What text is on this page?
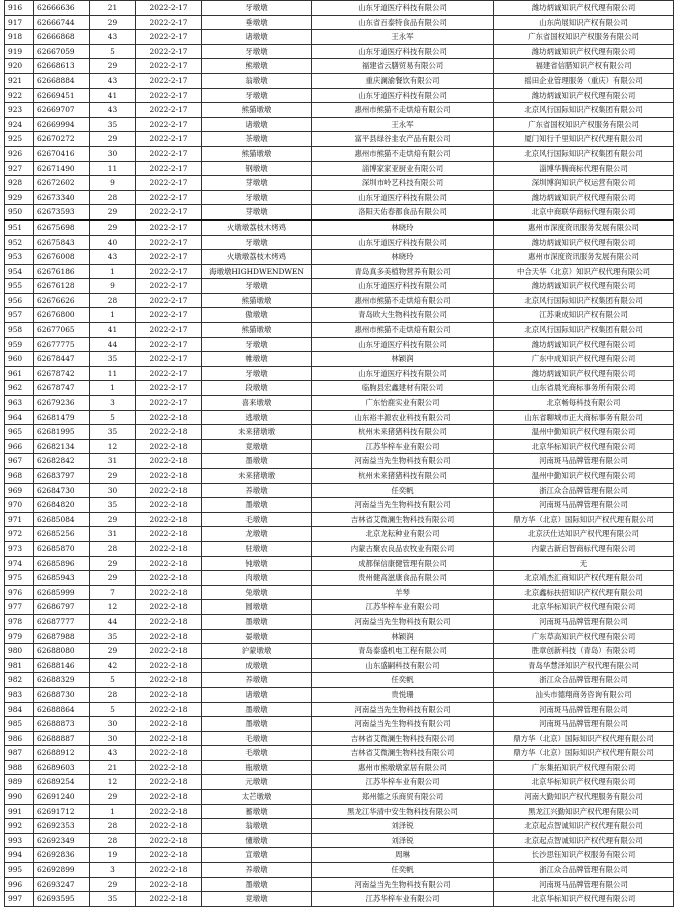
916	62666636	21	2022-2-17	牙墩墩	山东牙道医疗科技有限公司	潍坊炳诚知识产权代理有限公司
917	62666744	29	2022-2-17	垂墩墩	山东省百泰特食品有限公司	山东尚展知识产权有限公司
918	62666868	43	2022-2-17	诸墩墩	王永军	广东省国权知识产权服务有限公司
919	62667059	5	2022-2-17	牙墩墩	山东牙道医疗科技有限公司	潍坊炳诚知识产权代理有限公司
920	62668613	29	2022-2-17	熊墩墩	福建省云膳贸易有限公司	福建省信腊知识产权有限公司
921	62668884	43	2022-2-17	翁墩墩	重庆澜渝餐饮有限公司	摇田企业管理服务（重庆）有限公司
922	62669451	41	2022-2-17	牙墩墩	山东牙道医疗科技有限公司	潍坊炳诚知识产权代理有限公司
923	62669707	43	2022-2-17	熊猫墩墩	惠州市熊猫不走烘焙有限公司	北京风行国际知识产权集团有限公司
924	62669994	35	2022-2-17	诸墩墩	王永军	广东省国权知识产权服务有限公司
925	62670272	29	2022-2-17	茶墩墩	富平县绿谷韭农产品有限公司	厦门知行千里知识产权代理有限公司
926	62670416	30	2022-2-17	熊猫墩墩	惠州市熊猫不走烘焙有限公司	北京风行国际知识产权集团有限公司
927	62671490	11	2022-2-17	钢墩墩	淄博家家亚厨业有限公司	淄博华腾商标代理有限公司
928	62672602	9	2022-2-17	芽墩墩	深圳市岭艺科技有限公司	深圳博润知识产权运营有限公司
929	62673340	28	2022-2-17	牙墩墩	山东牙道医疗科技有限公司	潍坊炳诚知识产权代理有限公司
950	62673593	29	2022-2-17	芽墩墩	洛阳天佑春都食品有限公司	北京中商联华商标代理有限公司
951	62675698	29	2022-2-17	火墩墩荔枝木烤鸡	林晓玲	惠州市深度资讯服务发展有限公司
952	62675843	40	2022-2-17	牙墩墩	山东牙道医疗科技有限公司	潍坊炳诚知识产权代理有限公司
953	62676008	43	2022-2-17	火墩墩荔枝木烤鸡	林晓玲	惠州市深度资讯服务发展有限公司
954	62676186	1	2022-2-17	海墩墩HIGHDWENDWEN	青岛真多美植物营养有限公司	中合天华（北京）知识产权代理有限公司
955	62676128	9	2022-2-17	牙墩墩	山东牙道医疗科技有限公司	潍坊炳诚知识产权代理有限公司
956	62676626	28	2022-2-17	熊猫墩墩	惠州市熊猫不走烘焙有限公司	北京风行国际知识产权集团有限公司
957	62676800	1	2022-2-17	傲墩墩	青岛欧大生物科技有限公司	江苏秉成知识产权有限公司
958	62677065	41	2022-2-17	熊猫墩墩	惠州市熊猫不走烘焙有限公司	北京风行国际知识产权集团有限公司
959	62677775	44	2022-2-17	牙墩墩	山东牙道医疗科技有限公司	潍坊炳诚知识产权代理有限公司
960	62678447	35	2022-2-17	帷墩墩	林颖润	广东中成知识产权代理有限公司
961	62678742	11	2022-2-17	牙墩墩	山东牙道医疗科技有限公司	潍坊炳诚知识产权代理有限公司
962	62678747	1	2022-2-17	段墩墩	临朐县宏鑫建材有限公司	山东省晨光商标事务所有限公司
963	62679236	3	2022-2-17	喜来墩墩	广东怡鹿实业有限公司	北京畅每科技有限公司
964	62681479	5	2022-2-18	逃墩墩	山东裕丰源农业科技有限公司	山东省聊城市正大商标事务有限公司
965	62681995	35	2022-2-18	未来猪墩墩	杭州未来猪猪科技有限公司	温州中勤知识产权代理有限公司
966	62682134	12	2022-2-18	竟墩墩	江苏华梓车业有限公司	北京华标知识产权代理有限公司
967	62682842	31	2022-2-18	墨墩墩	河南益当先生物科技有限公司	河南斑马品牌管理有限公司
968	62683797	29	2022-2-18	未来猪墩墩	杭州未来猪猪科技有限公司	温州中勤知识产权代理有限公司
969	62684730	30	2022-2-18	养墩墩	任奕帆	浙江众合品牌管理有限公司
970	62684820	35	2022-2-18	墨墩墩	河南益当先生物科技有限公司	河南斑马品牌管理有限公司
971	62685084	29	2022-2-18	毛墩墩	吉林省艾微澜生物科技有限公司	鼎方华（北京）国际知识产权代理有限公司
972	62685256	31	2022-2-18	龙墩墩	北京龙耘种业有限公司	北京沃仕达知识产权代理有限公司
973	62685870	28	2022-2-18	驻墩墩	内蒙古聚农良品农牧业有限公司	内蒙古新启智商标代理有限公司
974	62685896	29	2022-2-18	钝墩墩	成都保信康健管理有限公司	无
975	62685943	29	2022-2-18	肉墩墩	贵州健高滋康食品有限公司	北京靖杰汇商知识产权代理有限公司
976	62685999	7	2022-2-18	兔墩墩	羊琴	北京鑫标扶招知识产权代理有限公司
977	62686797	12	2022-2-18	圆墩墩	江苏华梓车业有限公司	北京华标知识产权代理有限公司
978	62687777	44	2022-2-18	墨墩墩	河南益当先生物科技有限公司	河南斑马品牌管理有限公司
979	62687988	35	2022-2-18	晏墩墩	林颖润	广东草高知识产权代理有限公司
980	62688080	29	2022-2-18	沪蒙墩墩	青岛泰盛机电工程有限公司	胜章创新科技（青岛）有限公司
981	62688146	42	2022-2-18	成墩墩	山东盛嗣科技有限公司	青岛华慧泽知识产权代理有限公司
982	62688329	5	2022-2-18	养墩墩	任奕帆	浙江众合品牌管理有限公司
983	62688730	28	2022-2-18	诸墩墩	贵悦珊	汕头市德翔商务咨询有限公司
984	62688864	5	2022-2-18	墨墩墩	河南益当先生物科技有限公司	河南斑马品牌管理有限公司
985	62688873	30	2022-2-18	墨墩墩	河南益当先生物科技有限公司	河南斑马品牌管理有限公司
986	62688887	30	2022-2-18	毛墩墩	吉林省艾微澜生物科技有限公司	鼎方华（北京）国际知识产权代理有限公司
987	62688912	43	2022-2-18	毛墩墩	吉林省艾微澜生物科技有限公司	鼎方华（北京）国际知识产权代理有限公司
988	62689603	21	2022-2-18	瓶墩墩	惠州市熊墩墩家居有限公司	广东集拓知识产权代理有限公司
989	62689254	12	2022-2-18	元墩墩	江苏华梓车业有限公司	北京华标知识产权代理有限公司
990	62691240	29	2022-2-18	太芒墩墩	郑州德之乐商贸有限公司	河南大勤知识产权代理服务有限公司
991	62691712	1	2022-2-18	蓄墩墩	黑龙江华清中安生物科技有限公司	黑龙江兴勤知识产权代理有限公司
992	62692353	28	2022-2-18	翁墩墩	刘泽锐	北京起点智诚知识产权代理有限公司
993	62692349	28	2022-2-18	懂墩墩	刘泽锐	北京起点智诚知识产权代理有限公司
994	62692836	19	2022-2-18	宣墩墩	周琳	长沙思钰知识产权服务有限公司
995	62692899	3	2022-2-18	养墩墩	任奕帆	浙江众合品牌管理有限公司
996	62693247	29	2022-2-18	墨墩墩	河南益当先生物科技有限公司	河南斑马品牌管理有限公司
997	62693595	35	2022-2-18	竟墩墩	江苏华梓车业有限公司	北京华标知识产权代理有限公司
